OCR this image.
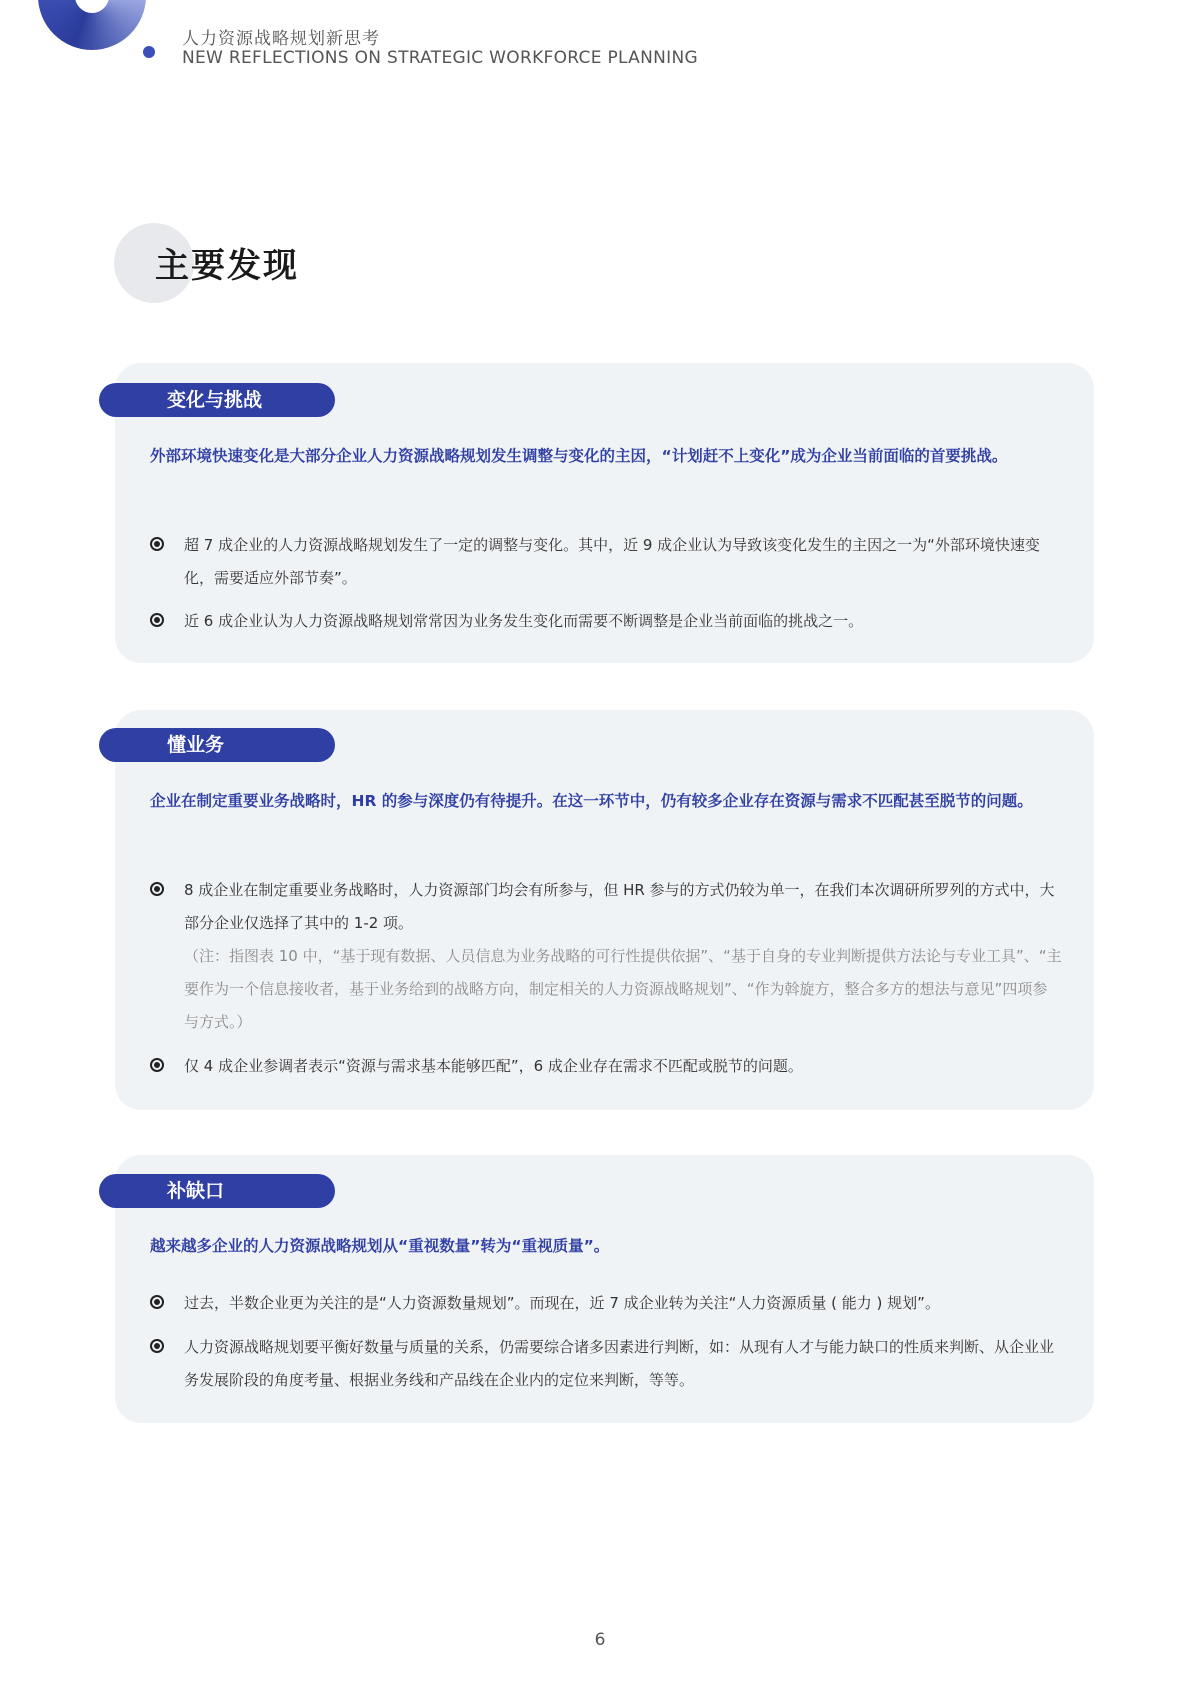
人力资源战略规划新思考
NEW REFLECTIONS ON STRATEGIC WORKFORCE PLANNING
主要发现
变化与挑战
外部环境快速变化是大部分企业人力资源战略规划发生调整与变化的主因，“计划赶不上变化”成为企业当前面临的首要挑战。
超 7 成企业的人力资源战略规划发生了一定的调整与变化。其中，近 9 成企业认为导致该变化发生的主因之一为“外部环境快速变化，需要适应外部节奏”。
近 6 成企业认为人力资源战略规划常常因为业务发生变化而需要不断调整是企业当前面临的挑战之一。
懂业务
企业在制定重要业务战略时，HR 的参与深度仍有待提升。在这一环节中，仍有较多企业存在资源与需求不匹配甚至脱节的问题。
8 成企业在制定重要业务战略时，人力资源部门均会有所参与，但 HR 参与的方式仍较为单一，在我们本次调研所罗列的方式中，大部分企业仅选择了其中的 1-2 项。
（注：指图表 10 中，“基于现有数据、人员信息为业务战略的可行性提供依据”、“基于自身的专业判断提供方法论与专业工具”、“主要作为一个信息接收者，基于业务给到的战略方向，制定相关的人力资源战略规划”、“作为斡旋方，整合多方的想法与意见”四项参与方式。）
仅 4 成企业参调者表示“资源与需求基本能够匹配”，6 成企业存在需求不匹配或脱节的问题。
补缺口
越来越多企业的人力资源战略规划从“重视数量”转为“重视质量”。
过去，半数企业更为关注的是“人力资源数量规划”。而现在，近 7 成企业转为关注“人力资源质量 ( 能力 ) 规划”。
人力资源战略规划要平衡好数量与质量的关系，仍需要综合诸多因素进行判断，如：从现有人才与能力缺口的性质来判断、从企业业务发展阶段的角度考量、根据业务线和产品线在企业内的定位来判断，等等。
6
